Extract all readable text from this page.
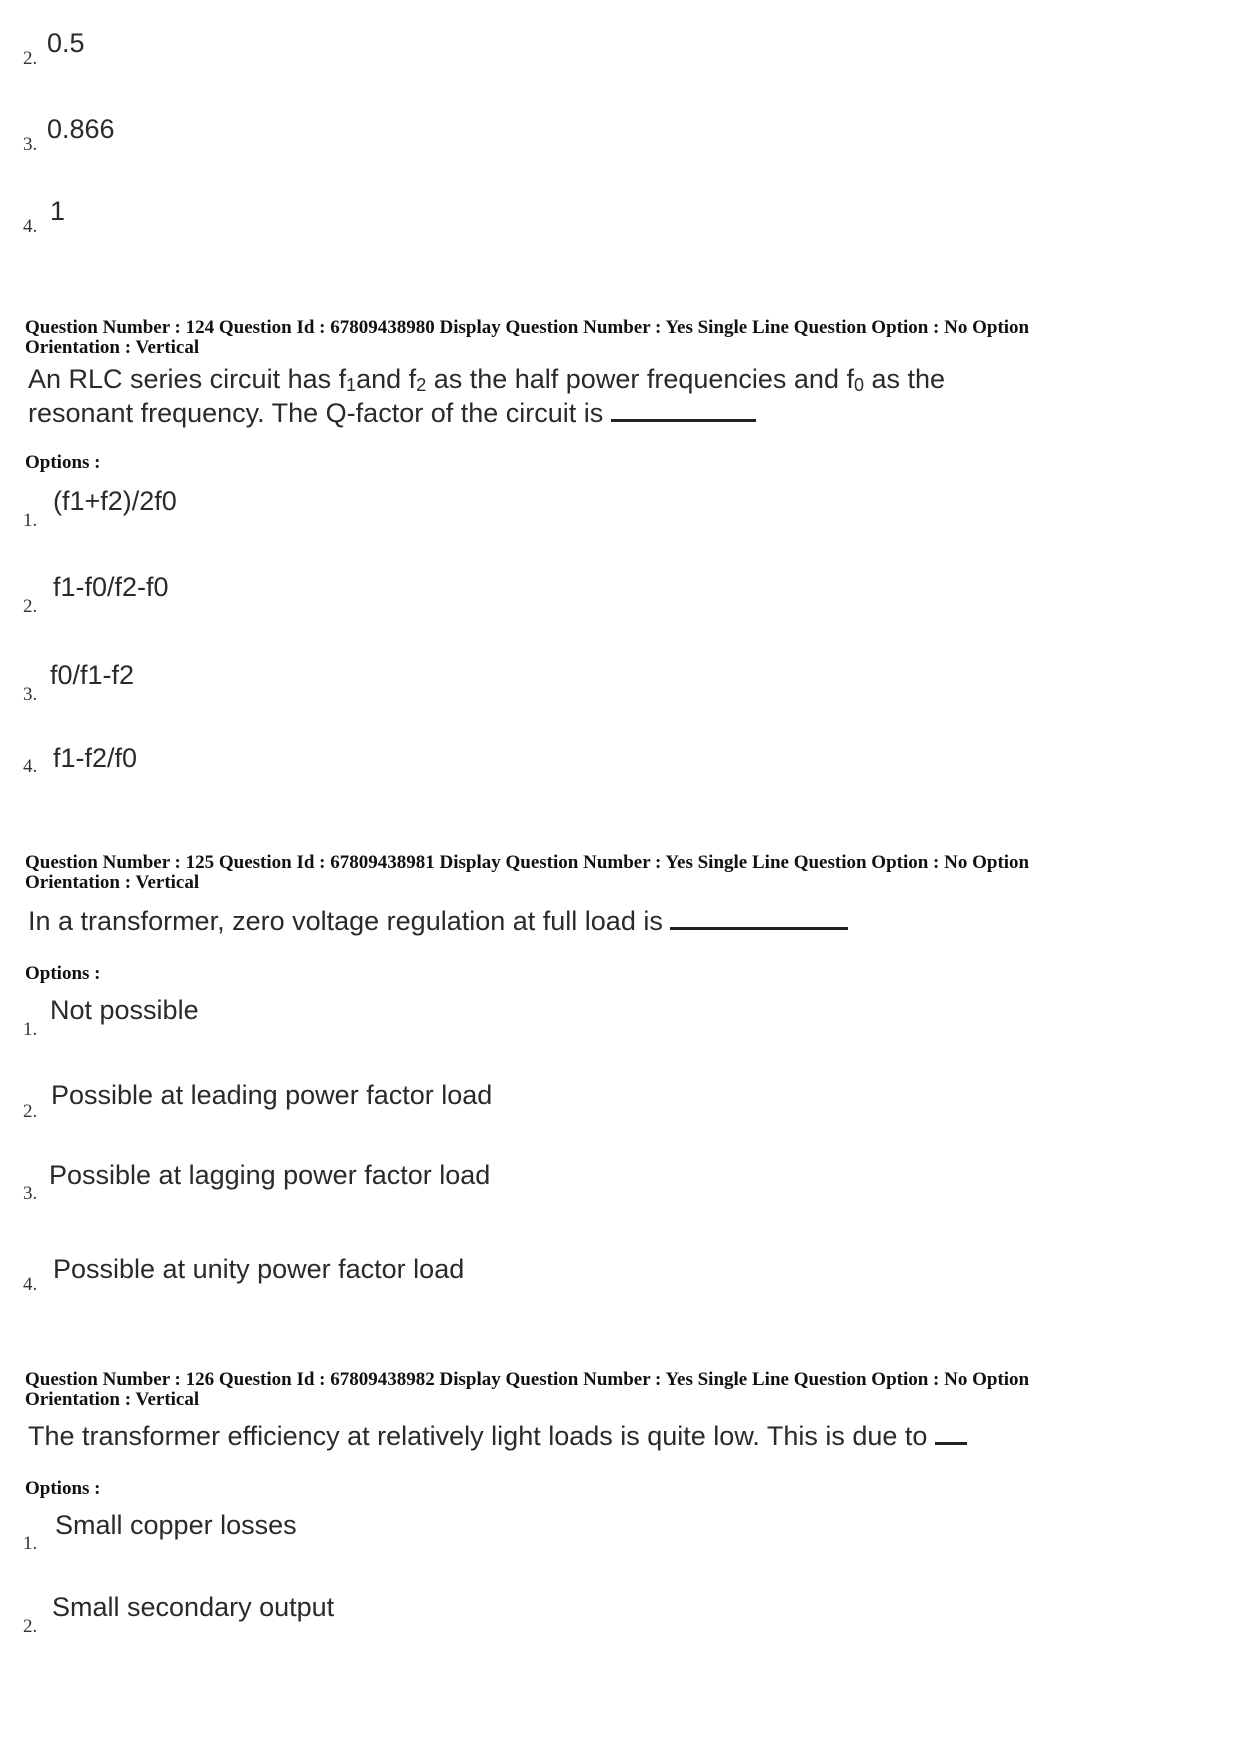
2.
0.5
3.
0.866
4.
1
Question Number : 124 Question Id : 67809438980 Display Question Number : Yes Single Line Question Option : No Option
Orientation : Vertical
An RLC series circuit has $f_1and$ $f_2$ as the half power frequencies and $f_0$ as the
resonant frequency. The Q-factor of the circuit is
Options :
1.
(f1+f2)/2f0
2.
f1-f0/f2-f0
3.
f0/f1-f2
4. f1-f2/f0
Question Number : 125 Question Id : 67809438981 Display Question Number : Yes Single Line Question Option : No Option
Orientation : Vertical
In a transformer, zero voltage regulation at full load is
Options :
1.
Not possible
2.
Possible at leading power factor load
3.
Possible at lagging power factor load
4.
Possible at unity power factor load
Question Number : 126 Question Id : 67809438982 Display Question Number : Yes Single Line Question Option : No Option
Orientation : Vertical
The transformer efficiency at relatively light loads is quite low. This is due to
Options :
1.
Small copper losses
2.
Small secondary output
